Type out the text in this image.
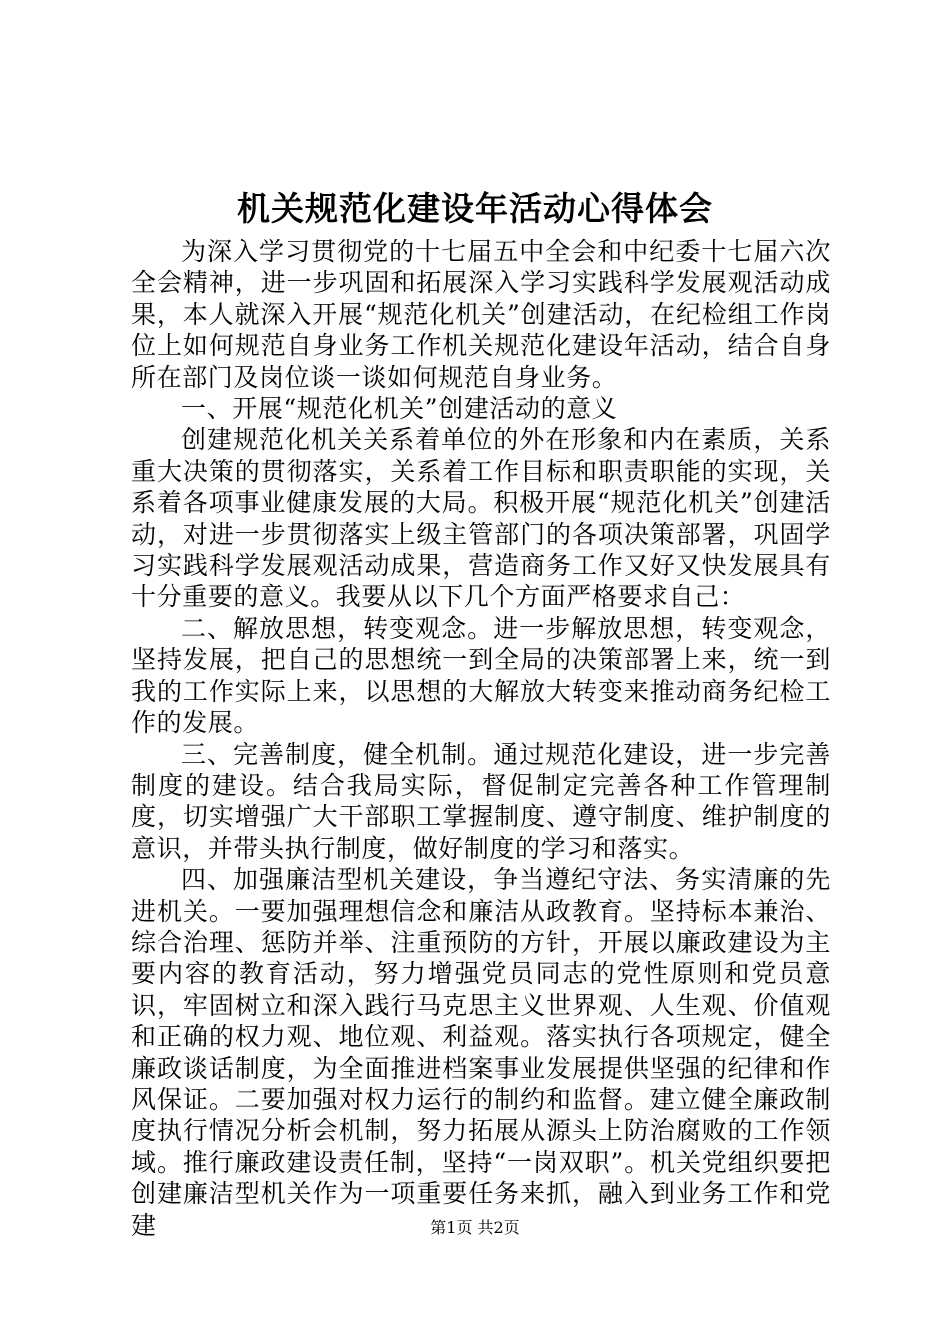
机关规范化建设年活动心得体会

为深入学习贯彻党的十七届五中全会和中纪委十七届六次全会精神，进一步巩固和拓展深入学习实践科学发展观活动成果，本人就深入开展“规范化机关”创建活动，在纪检组工作岗位上如何规范自身业务工作机关规范化建设年活动，结合自身所在部门及岗位谈一谈如何规范自身业务。

一、开展“规范化机关”创建活动的意义

创建规范化机关关系着单位的外在形象和内在素质，关系重大决策的贯彻落实，关系着工作目标和职责职能的实现，关系着各项事业健康发展的大局。积极开展“规范化机关”创建活动，对进一步贯彻落实上级主管部门的各项决策部署，巩固学习实践科学发展观活动成果，营造商务工作又好又快发展具有十分重要的意义。我要从以下几个方面严格要求自己：

二、解放思想，转变观念。进一步解放思想，转变观念，坚持发展，把自己的思想统一到全局的决策部署上来，统一到我的工作实际上来，以思想的大解放大转变来推动商务纪检工作的发展。

三、完善制度，健全机制。通过规范化建设，进一步完善制度的建设。结合我局实际，督促制定完善各种工作管理制度，切实增强广大干部职工掌握制度、遵守制度、维护制度的意识，并带头执行制度，做好制度的学习和落实。

四、加强廉洁型机关建设，争当遵纪守法、务实清廉的先进机关。一要加强理想信念和廉洁从政教育。坚持标本兼治、综合治理、惩防并举、注重预防的方针，开展以廉政建设为主要内容的教育活动，努力增强党员同志的党性原则和党员意识，牢固树立和深入践行马克思主义世界观、人生观、价值观和正确的权力观、地位观、利益观。落实执行各项规定，健全廉政谈话制度，为全面推进档案事业发展提供坚强的纪律和作风保证。二要加强对权力运行的制约和监督。建立健全廉政制度执行情况分析会机制，努力拓展从源头上防治腐败的工作领域。推行廉政建设责任制，坚持“一岗双职”。机关党组织要把创建廉洁型机关作为一项重要任务来抓，融入到业务工作和党建	第1页 共2页
